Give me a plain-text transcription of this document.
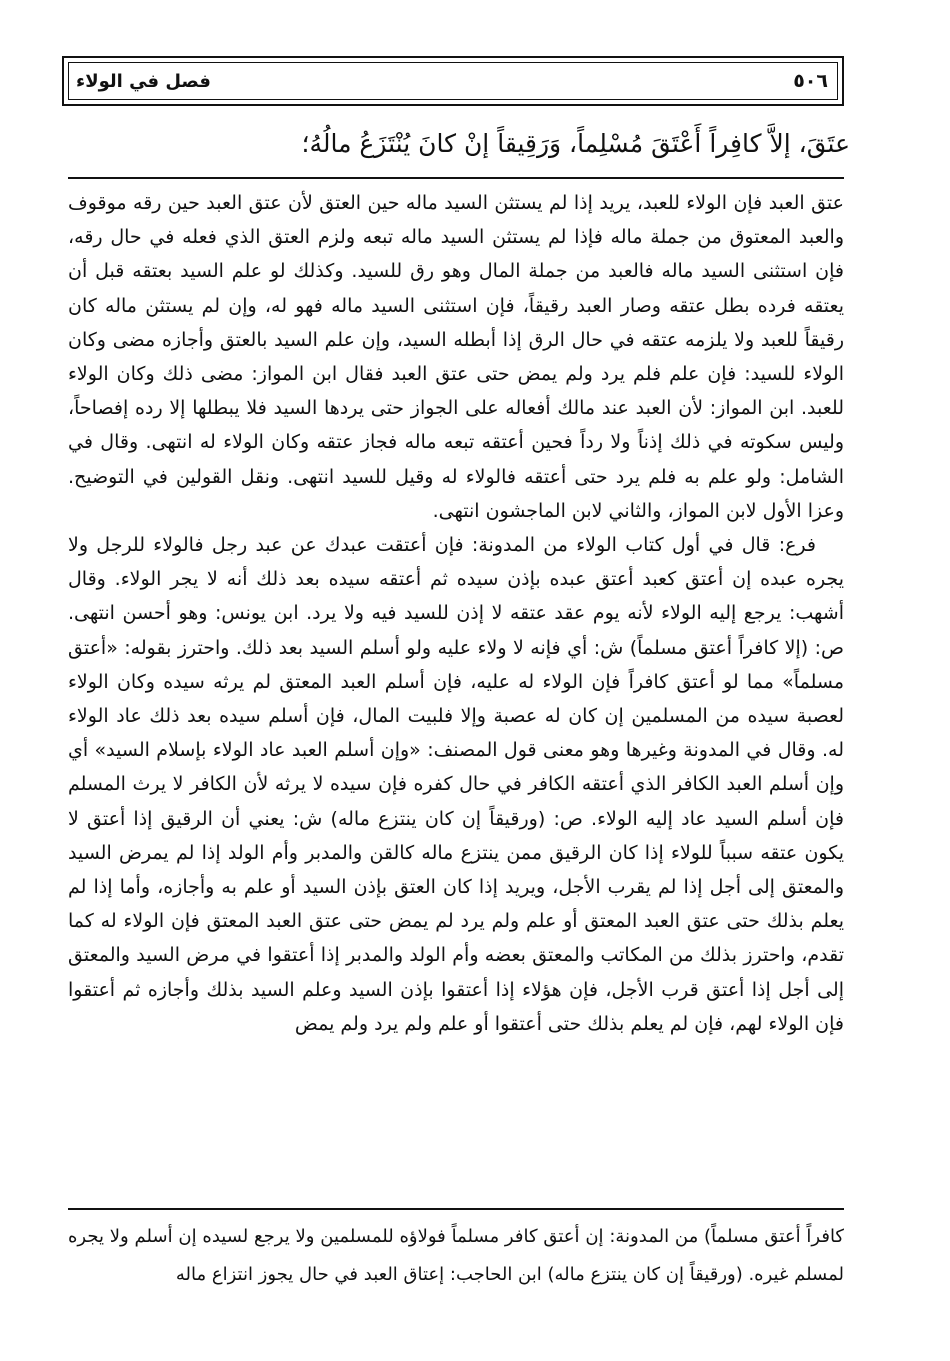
٥٠٦
فصل في الولاء
عتَقَ، إلاَّ كافِراً أَعْتَقَ مُسْلِماً، وَرَقِيقاً إنْ كانَ يُنْتَزَعُ مالُهُ؛

عتق العبد فإن الولاء للعبد، يريد إذا لم يستثن السيد ماله حين العتق لأن عتق العبد حين رقه موقوف والعبد المعتوق من جملة ماله فإذا لم يستثن السيد ماله تبعه ولزم العتق الذي فعله في حال رقه، فإن استثنى السيد ماله فالعبد من جملة المال وهو رق للسيد. وكذلك لو علم السيد بعتقه قبل أن يعتقه فرده بطل عتقه وصار العبد رقيقاً، فإن استثنى السيد ماله فهو له، وإن لم يستثن ماله كان رقيقاً للعبد ولا يلزمه عتقه في حال الرق إذا أبطله السيد، وإن علم السيد بالعتق وأجازه مضى وكان الولاء للسيد: فإن علم فلم يرد ولم يمض حتى عتق العبد فقال ابن المواز: مضى ذلك وكان الولاء للعبد. ابن المواز: لأن العبد عند مالك أفعاله على الجواز حتى يردها السيد فلا يبطلها إلا رده إفصاحاً، وليس سكوته في ذلك إذناً ولا رداً فحين أعتقه تبعه ماله فجاز عتقه وكان الولاء له انتهى. وقال في الشامل: ولو علم به فلم يرد حتى أعتقه فالولاء له وقيل للسيد انتهى. ونقل القولين في التوضيح. وعزا الأول لابن المواز، والثاني لابن الماجشون انتهى.

فرع: قال في أول كتاب الولاء من المدونة: فإن أعتقت عبدك عن عبد رجل فالولاء للرجل ولا يجره عبده إن أعتق كعبد أعتق عبده بإذن سيده ثم أعتقه سيده بعد ذلك أنه لا يجر الولاء. وقال أشهب: يرجع إليه الولاء لأنه يوم عقد عتقه لا إذن للسيد فيه ولا يرد. ابن يونس: وهو أحسن انتهى. ص: (إلا كافراً أعتق مسلماً) ش: أي فإنه لا ولاء عليه ولو أسلم السيد بعد ذلك. واحترز بقوله: «أعتق مسلماً» مما لو أعتق كافراً فإن الولاء له عليه، فإن أسلم العبد المعتق لم يرثه سيده وكان الولاء لعصبة سيده من المسلمين إن كان له عصبة وإلا فلبيت المال، فإن أسلم سيده بعد ذلك عاد الولاء له. وقال في المدونة وغيرها وهو معنى قول المصنف: «وإن أسلم العبد عاد الولاء بإسلام السيد» أي وإن أسلم العبد الكافر الذي أعتقه الكافر في حال كفره فإن سيده لا يرثه لأن الكافر لا يرث المسلم فإن أسلم السيد عاد إليه الولاء. ص: (ورقيقاً إن كان ينتزع ماله) ش: يعني أن الرقيق إذا أعتق لا يكون عتقه سبباً للولاء إذا كان الرقيق ممن ينتزع ماله كالقن والمدبر وأم الولد إذا لم يمرض السيد والمعتق إلى أجل إذا لم يقرب الأجل، ويريد إذا كان العتق بإذن السيد أو علم به وأجازه، وأما إذا لم يعلم بذلك حتى عتق العبد المعتق أو علم ولم يرد لم يمض حتى عتق العبد المعتق فإن الولاء له كما تقدم، واحترز بذلك من المكاتب والمعتق بعضه وأم الولد والمدبر إذا أعتقوا في مرض السيد والمعتق إلى أجل إذا أعتق قرب الأجل، فإن هؤلاء إذا أعتقوا بإذن السيد وعلم السيد بذلك وأجازه ثم أعتقوا فإن الولاء لهم، فإن لم يعلم بذلك حتى أعتقوا أو علم ولم يرد ولم يمض

كافراً أعتق مسلماً) من المدونة: إن أعتق كافر مسلماً فولاؤه للمسلمين ولا يرجع لسيده إن أسلم ولا يجره لمسلم غيره. (ورقيقاً إن كان ينتزع ماله) ابن الحاجب: إعتاق العبد في حال يجوز انتزاع ماله
